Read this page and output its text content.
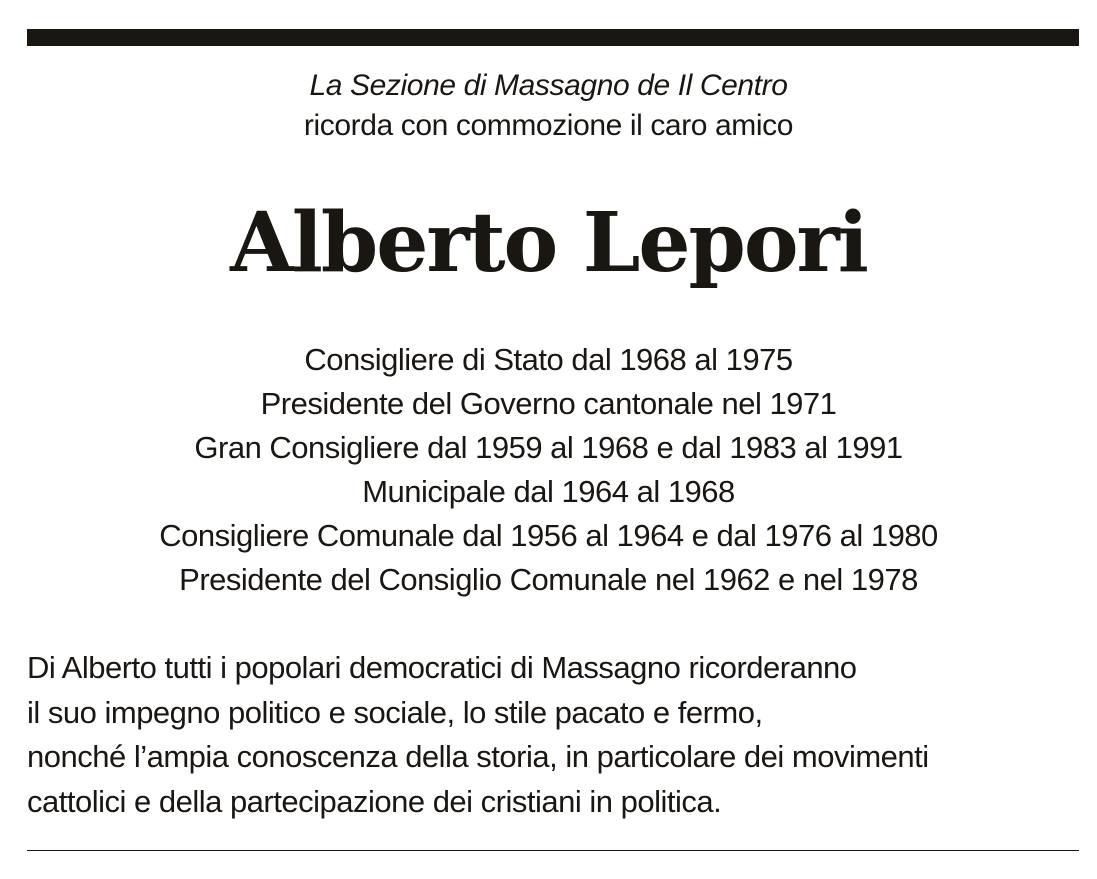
La Sezione di Massagno de Il Centro
ricorda con commozione il caro amico
Alberto Lepori
Consigliere di Stato dal 1968 al 1975
Presidente del Governo cantonale nel 1971
Gran Consigliere dal 1959 al 1968 e dal 1983 al 1991
Municipale dal 1964 al 1968
Consigliere Comunale dal 1956 al 1964 e dal 1976 al 1980
Presidente del Consiglio Comunale nel 1962 e nel 1978
Di Alberto tutti i popolari democratici di Massagno ricorderanno
il suo impegno politico e sociale, lo stile pacato e fermo,
nonché l’ampia conoscenza della storia, in particolare dei movimenti
cattolici e della partecipazione dei cristiani in politica.
